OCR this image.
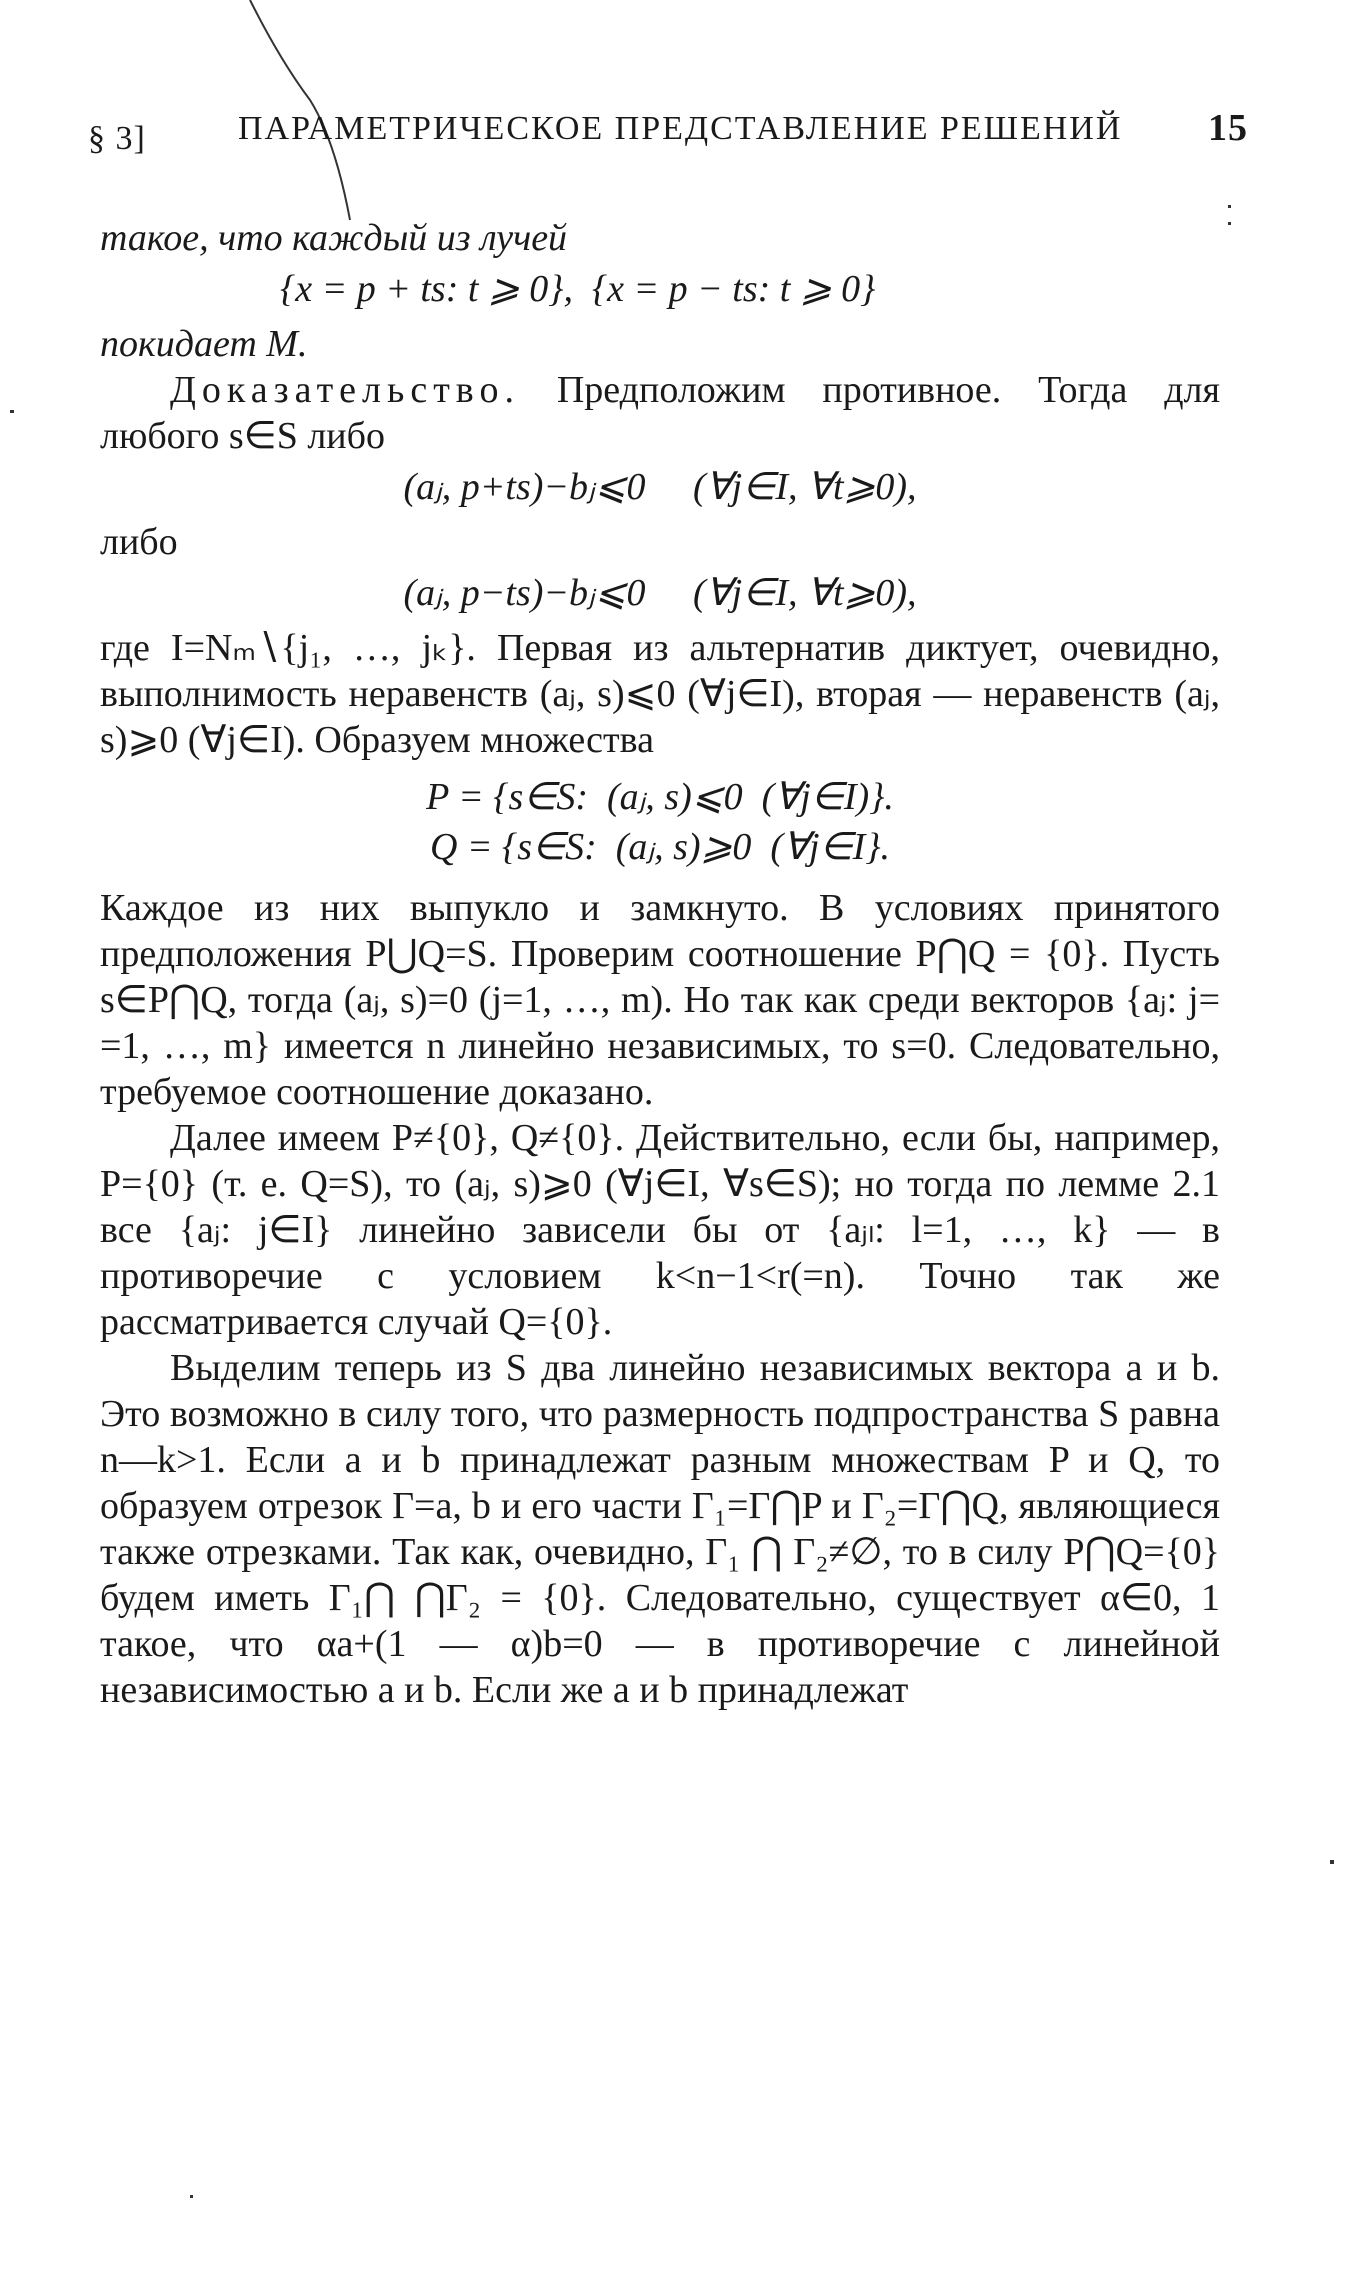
§ 3]	ПАРАМЕТРИЧЕСКОЕ ПРЕДСТАВЛЕНИЕ РЕШЕНИЙ 15

такое, что каждый из лучей

{x = p + ts: t ⩾ 0},  {x = p − ts: t ⩾ 0}

покидает M.

Доказательство. Предположим противное. Тогда для любого s∈S либо

(aⱼ, p+ts)−bⱼ⩽0     (∀j∈I, ∀t⩾0),

либо

(aⱼ, p−ts)−bⱼ⩽0     (∀j∈I, ∀t⩾0),

где I=Nₘ∖{j₁, …, jₖ}. Первая из альтернатив диктует, очевидно, выполнимость неравенств (aⱼ, s)⩽0 (∀j∈I), вторая — неравенств (aⱼ, s)⩾0 (∀j∈I). Образуем множества

P = {s∈S:  (aⱼ, s)⩽0  (∀j∈I)}.
Q = {s∈S:  (aⱼ, s)⩾0  (∀j∈I}.

Каждое из них выпукло и замкнуто. В условиях принятого предположения P⋃Q=S. Проверим соотношение P⋂Q = {0}. Пусть s∈P⋂Q, тогда (aⱼ, s)=0 (j=1, …, m). Но так как среди векторов {aⱼ: j= =1, …, m} имеется n линейно независимых, то s=0. Следовательно, требуемое соотношение доказано.

Далее имеем P≠{0}, Q≠{0}. Действительно, если бы, например, P={0} (т. е. Q=S), то (aⱼ, s)⩾0 (∀j∈I, ∀s∈S); но тогда по лемме 2.1 все {aⱼ: j∈I} линейно зависели бы от {aⱼₗ: l=1, …, k} — в противоречие с условием k<n−1<r(=n). Точно так же рассматривается случай Q={0}.

Выделим теперь из S два линейно независимых вектора a и b. Это возможно в силу того, что размерность подпространства S равна n—k>1. Если a и b принадлежат разным множествам P и Q, то образуем отрезок Γ=a, b и его части Γ₁=Γ⋂P и Γ₂=Γ⋂Q, являющиеся также отрезками. Так как, очевидно, Γ₁ ⋂ Γ₂≠∅, то в силу P⋂Q={0} будем иметь Γ₁⋂ ⋂Γ₂ = {0}. Следовательно, существует α∈0, 1 такое, что αa+(1 — α)b=0 — в противоречие с линейной независимостью a и b. Если же a и b принадлежат
